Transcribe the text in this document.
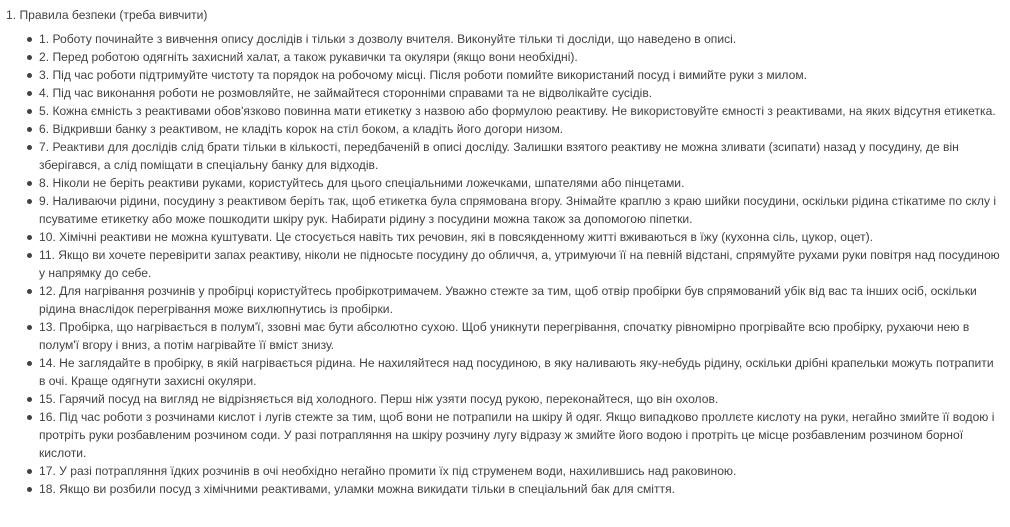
1. Правила безпеки (треба вивчити)
1. Роботу починайте з вивчення опису дослідів і тільки з дозволу вчителя. Виконуйте тільки ті досліди, що наведено в описі.
2. Перед роботою одягніть захисний халат, а також рукавички та окуляри (якщо вони необхідні).
3. Під час роботи підтримуйте чистоту та порядок на робочому місці. Після роботи помийте використаний посуд і вимийте руки з милом.
4. Під час виконання роботи не розмовляйте, не займайтеся сторонніми справами та не відволікайте сусідів.
5. Кожна ємність з реактивами обов'язково повинна мати етикетку з назвою або формулою реактиву. Не використовуйте ємності з реактивами, на яких відсутня етикетка.
6. Відкривши банку з реактивом, не кладіть корок на стіл боком, а кладіть його догори низом.
7. Реактиви для дослідів слід брати тільки в кількості, передбаченій в описі досліду. Залишки взятого реактиву не можна зливати (зсипати) назад у посудину, де він зберігався, а слід поміщати в спеціальну банку для відходів.
8. Ніколи не беріть реактиви руками, користуйтесь для цього спеціальними ложечками, шпателями або пінцетами.
9. Наливаючи рідини, посудину з реактивом беріть так, щоб етикетка була спрямована вгору. Знімайте краплю з краю шийки посудини, оскільки рідина стікатиме по склу і псуватиме етикетку або може пошкодити шкіру рук. Набирати рідину з посудини можна також за допомогою піпетки.
10. Хімічні реактиви не можна куштувати. Це стосується навіть тих речовин, які в повсякденному житті вживаються в їжу (кухонна сіль, цукор, оцет).
11. Якщо ви хочете перевірити запах реактиву, ніколи не підносьте посудину до обличчя, а, утримуючи її на певній відстані, спрямуйте рухами руки повітря над посудиною у напрямку до себе.
12. Для нагрівання розчинів у пробірці користуйтесь пробіркотримачем. Уважно стежте за тим, щоб отвір пробірки був спрямований убік від вас та інших осіб, оскільки рідина внаслідок перегрівання може вихлюпнутись із пробірки.
13. Пробірка, що нагрівається в полум'ї, ззовні має бути абсолютно сухою. Щоб уникнути перегрівання, спочатку рівномірно прогрівайте всю пробірку, рухаючи нею в полум'ї вгору і вниз, а потім нагрівайте її вміст знизу.
14. Не заглядайте в пробірку, в якій нагрівається рідина. Не нахиляйтеся над посудиною, в яку наливають яку-небудь рідину, оскільки дрібні крапельки можуть потрапити в очі. Краще одягнути захисні окуляри.
15. Гарячий посуд на вигляд не відрізняється від холодного. Перш ніж узяти посуд рукою, переконайтеся, що він охолов.
16. Під час роботи з розчинами кислот і лугів стежте за тим, щоб вони не потрапили на шкіру й одяг. Якщо випадково проллєте кислоту на руки, негайно змийте її водою і протріть руки розбавленим розчином соди. У разі потрапляння на шкіру розчину лугу відразу ж змийте його водою і протріть це місце розбавленим розчином борної кислоти.
17. У разі потрапляння їдких розчинів в очі необхідно негайно промити їх під струменем води, нахилившись над раковиною.
18. Якщо ви розбили посуд з хімічними реактивами, уламки можна викидати тільки в спеціальний бак для сміття.
